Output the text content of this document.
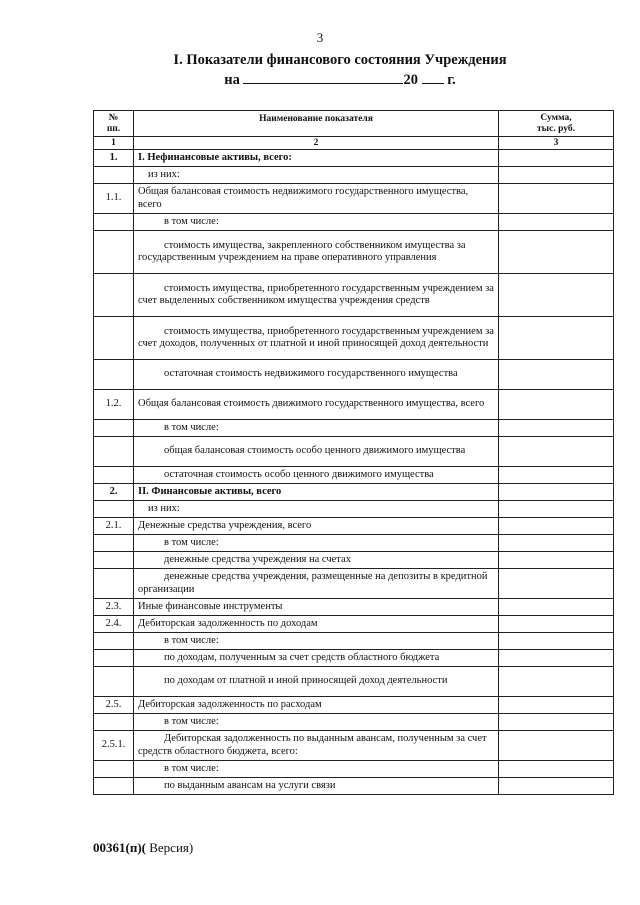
3
I. Показатели финансового состояния Учреждения
на	20 г.
№
пп.	Наименование показателя	Сумма,
тыс. руб.
1	2	3
1.	I. Нефинансовые активы, всего:	
	из них:	
1.1.	Общая балансовая стоимость недвижимого государственного имущества, всего	
	в том числе:	
	стоимость имущества, закрепленного собственником имущества за государственным учреждением на праве оперативного управления	
	стоимость имущества, приобретенного государственным учреждением за счет выделенных собственником имущества учреждения средств	
	стоимость имущества, приобретенного государственным учреждением за счет доходов, полученных от платной и иной приносящей доход деятельности	
	остаточная стоимость недвижимого государственного имущества	
1.2.	Общая балансовая стоимость движимого государственного имущества, всего	
	в том числе:	
	общая балансовая стоимость особо ценного движимого имущества	
	остаточная стоимость особо ценного движимого имущества	
2.	II. Финансовые активы, всего	
	из них:	
2.1.	Денежные средства учреждения, всего	
	в том числе:	
	денежные средства учреждения на счетах	
	денежные средства учреждения, размещенные на депозиты в кредитной организации	
2.3.	Иные финансовые инструменты	
2.4.	Дебиторская задолженность по доходам	
	в том числе:	
	по доходам, полученным за счет средств областного бюджета	
	по доходам от платной и иной приносящей доход деятельности	
2.5.	Дебиторская задолженность по расходам	
	в том числе:	
2.5.1.	Дебиторская задолженность по выданным авансам, полученным за счет средств областного бюджета, всего:	
	в том числе:	
	по выданным авансам на услуги связи	
00361(п)( Версия)
